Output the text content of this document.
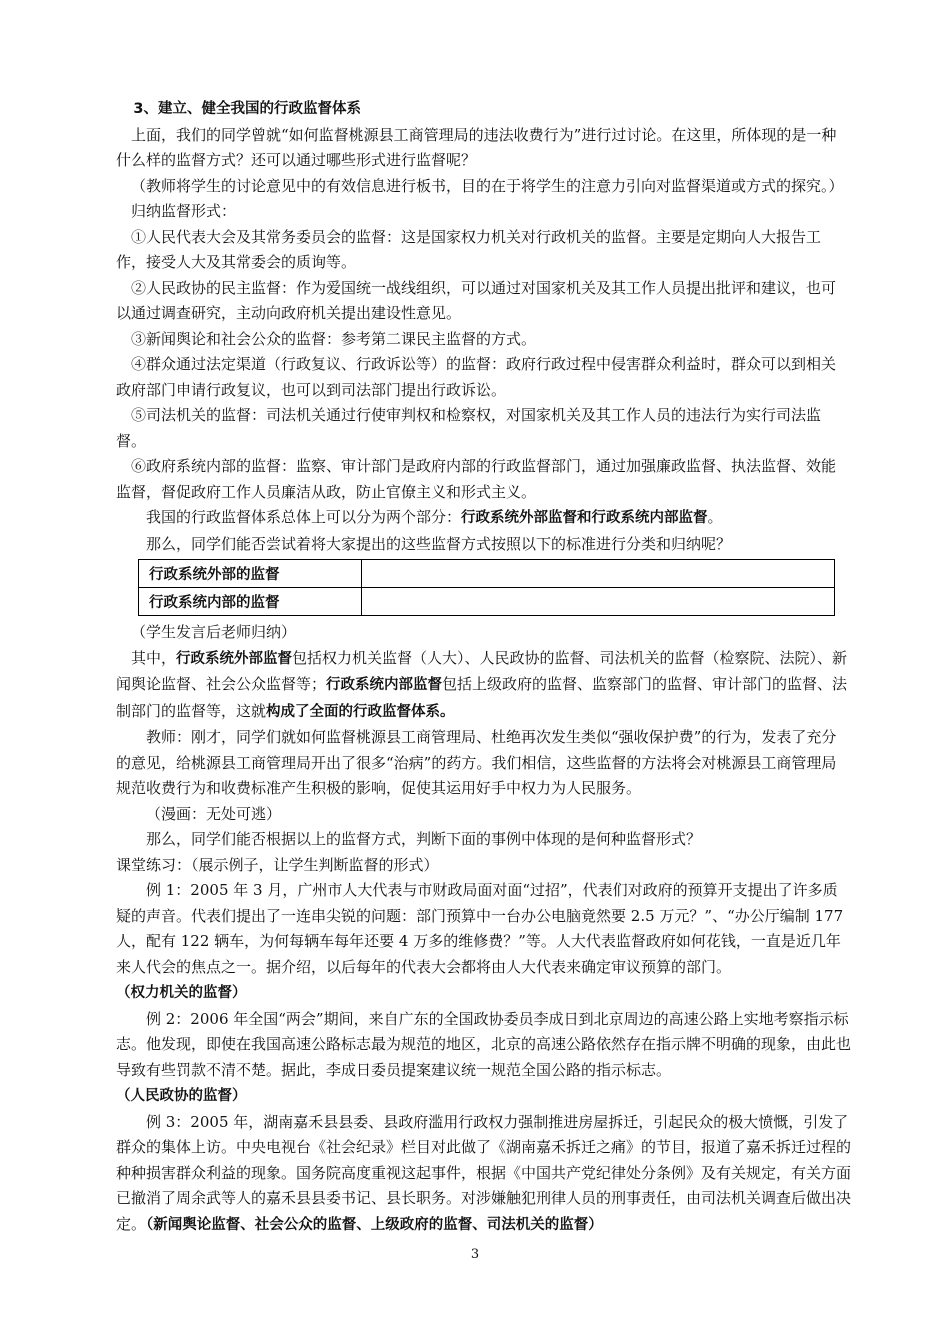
3、建立、健全我国的行政监督体系

上面，我们的同学曾就“如何监督桃源县工商管理局的违法收费行为”进行过讨论。在这里，所体现的是一种什么样的监督方式？还可以通过哪些形式进行监督呢？

（教师将学生的讨论意见中的有效信息进行板书，目的在于将学生的注意力引向对监督渠道或方式的探究。）

归纳监督形式：

①人民代表大会及其常务委员会的监督：这是国家权力机关对行政机关的监督。主要是定期向人大报告工作，接受人大及其常委会的质询等。

②人民政协的民主监督：作为爱国统一战线组织，可以通过对国家机关及其工作人员提出批评和建议，也可以通过调查研究，主动向政府机关提出建设性意见。

③新闻舆论和社会公众的监督：参考第二课民主监督的方式。

④群众通过法定渠道（行政复议、行政诉讼等）的监督：政府行政过程中侵害群众利益时，群众可以到相关政府部门申请行政复议，也可以到司法部门提出行政诉讼。

⑤司法机关的监督：司法机关通过行使审判权和检察权，对国家机关及其工作人员的违法行为实行司法监督。

⑥政府系统内部的监督：监察、审计部门是政府内部的行政监督部门，通过加强廉政监督、执法监督、效能监督，督促政府工作人员廉洁从政，防止官僚主义和形式主义。

我国的行政监督体系总体上可以分为两个部分：行政系统外部监督和行政系统内部监督。

那么，同学们能否尝试着将大家提出的这些监督方式按照以下的标准进行分类和归纳呢？

行政系统外部的监督	
行政系统内部的监督	

（学生发言后老师归纳）

其中，行政系统外部监督包括权力机关监督（人大）、人民政协的监督、司法机关的监督（检察院、法院）、新闻舆论监督、社会公众监督等；行政系统内部监督包括上级政府的监督、监察部门的监督、审计部门的监督、法制部门的监督等，这就构成了全面的行政监督体系。

教师：刚才，同学们就如何监督桃源县工商管理局、杜绝再次发生类似“强收保护费”的行为，发表了充分的意见，给桃源县工商管理局开出了很多“治病”的药方。我们相信，这些监督的方法将会对桃源县工商管理局规范收费行为和收费标准产生积极的影响，促使其运用好手中权力为人民服务。

（漫画：无处可逃）

那么，同学们能否根据以上的监督方式，判断下面的事例中体现的是何种监督形式？

课堂练习：（展示例子，让学生判断监督的形式）

例 1：2005 年 3 月，广州市人大代表与市财政局面对面“过招”，代表们对政府的预算开支提出了许多质疑的声音。代表们提出了一连串尖锐的问题：部门预算中一台办公电脑竟然要 2.5 万元？”、“办公厅编制 177 人，配有 122 辆车，为何每辆车每年还要 4 万多的维修费？”等。人大代表监督政府如何花钱，一直是近几年来人代会的焦点之一。据介绍，以后每年的代表大会都将由人大代表来确定审议预算的部门。（权力机关的监督）

例 2：2006 年全国“两会”期间，来自广东的全国政协委员李成日到北京周边的高速公路上实地考察指示标志。他发现，即使在我国高速公路标志最为规范的地区，北京的高速公路依然存在指示牌不明确的现象，由此也导致有些罚款不清不楚。据此，李成日委员提案建议统一规范全国公路的指示标志。

（人民政协的监督）

例 3：2005 年，湖南嘉禾县县委、县政府滥用行政权力强制推进房屋拆迁，引起民众的极大愤慨，引发了群众的集体上访。中央电视台《社会纪录》栏目对此做了《湖南嘉禾拆迁之痛》的节目，报道了嘉禾拆迁过程的种种损害群众利益的现象。国务院高度重视这起事件，根据《中国共产党纪律处分条例》及有关规定，有关方面已撤消了周余武等人的嘉禾县县委书记、县长职务。对涉嫌触犯刑律人员的刑事责任，由司法机关调查后做出决定。（新闻舆论监督、社会公众的监督、上级政府的监督、司法机关的监督）

3
